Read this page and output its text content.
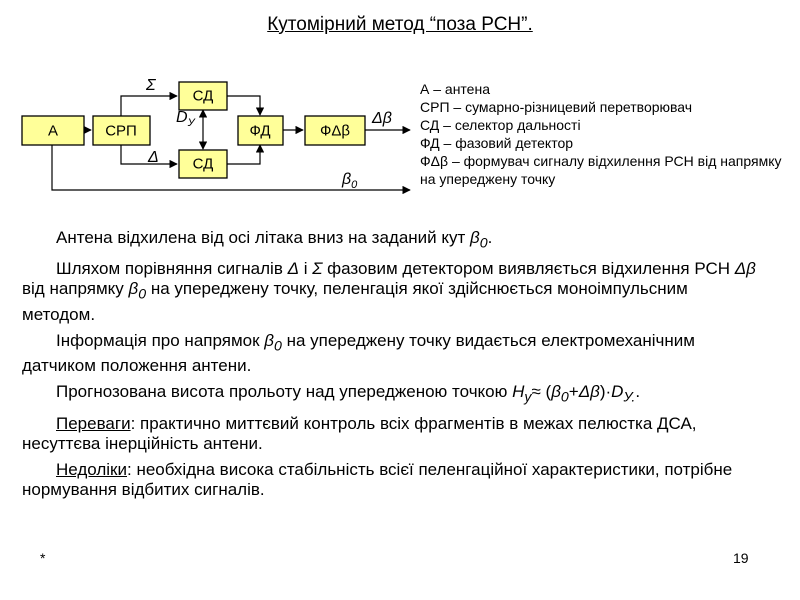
Кутомірний метод “поза РСН”.
А	СРП
СД
СД
ФД	ФΔβ
Σ
Δ
$D_У$	Δβ
$\beta_0$
А – антена
СРП – сумарно-різницевий перетворювач
СД – селектор дальності
ФД – фазовий детектор
ФΔβ – формувач сигналу відхилення РСН від напрямку на упереджену точку

Антена відхилена від осі літака вниз на заданий кут $\beta_0$.

Шляхом порівняння сигналів Δ і Σ фазовим детектором виявляється відхилення РСН Δβ від напрямку $\beta_0$ на упереджену точку, пеленгація якої здійснюється моноімпульсним методом.

Інформація про напрямок $\beta_0$ на упереджену точку видається електромеханічним датчиком положення антени.

Прогнозована висота прольоту над упередженою точкою $H_у\approx (\beta_0+\Delta\beta)\cdot D_{У.}$.

Переваги: практично миттєвий контроль всіх фрагментів в межах пелюстка ДСА, несуттєва інерційність антени.

Недоліки: необхідна висока стабільність всієї пеленгаційної характеристики, потрібне нормування відбитих сигналів.

*	19
